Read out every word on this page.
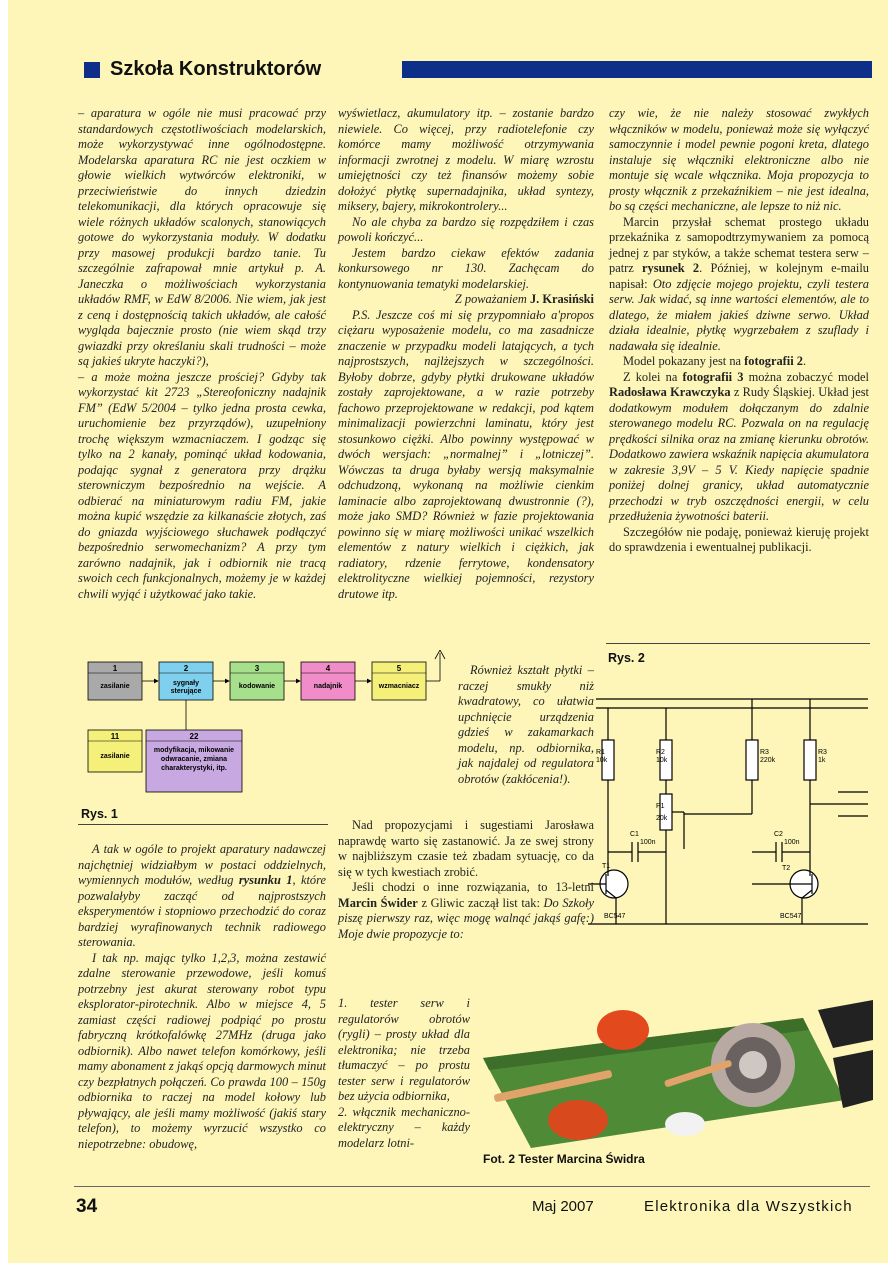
Szkoła Konstruktorów

– aparatura w ogóle nie musi pracować przy standardowych częstotliwościach modelarskich, może wykorzystywać inne ogólnodostępne. Modelarska aparatura RC nie jest oczkiem w głowie wielkich wytwórców elektroniki, w przeciwieństwie do innych dziedzin telekomunikacji, dla których opracowuje się wiele różnych układów scalonych, stanowiących gotowe do wykorzystania moduły. W dodatku przy masowej produkcji bardzo tanie. Tu szczególnie zafrapował mnie artykuł p. A. Janeczka o możliwościach wykorzystania układów RMF, w EdW 8/2006. Nie wiem, jak jest z ceną i dostępnością takich układów, ale całość wygląda bajecznie prosto (nie wiem skąd trzy gwiazdki przy określaniu skali trudności – może są jakieś ukryte haczyki?),

– a może można jeszcze prościej? Gdyby tak wykorzystać kit 2723 „Stereofoniczny nadajnik FM” (EdW 5/2004 – tylko jedna prosta cewka, uruchomienie bez przyrządów), uzupełniony trochę większym wzmacniaczem. I godząc się tylko na 2 kanały, pominąć układ kodowania, podając sygnał z generatora przy drążku sterowniczym bezpośrednio na wejście. A odbierać na miniaturowym radiu FM, jakie można kupić wszędzie za kilkanaście złotych, zaś do gniazda wyjściowego słuchawek podłączyć bezpośrednio serwomechanizm? A przy tym zarówno nadajnik, jak i odbiornik nie tracą swoich cech funkcjonalnych, możemy je w każdej chwili wyjąć i użytkować jako takie.

1
zasilanie
2
sygnały
sterujące
3
kodowanie
4
nadajnik
5
wzmacniacz
11
zasilanie
22
modyfikacja, mikowanie
odwracanie, zmiana
charakterystyki, itp.
Rys. 1

A tak w ogóle to projekt aparatury nadawczej najchętniej widziałbym w postaci oddzielnych, wymiennych modułów, według rysunku 1, które pozwalałyby zacząć od najprostszych eksperymentów i stopniowo przechodzić do coraz bardziej wyrafinowanych technik radiowego sterowania.

I tak np. mając tylko 1,2,3, można zestawić zdalne sterowanie przewodowe, jeśli komuś potrzebny jest akurat sterowany robot typu eksplorator-pirotechnik. Albo w miejsce 4, 5 zamiast części radiowej podpiąć po prostu fabryczną krótkofalówkę 27MHz (druga jako odbiornik). Albo nawet telefon komórkowy, jeśli mamy abonament z jakąś opcją darmowych minut czy bezpłatnych połączeń. Co prawda 100 – 150g odbiornika to raczej na model kołowy lub pływający, ale jeśli mamy możliwość (jakiś stary telefon), to możemy wyrzucić wszystko co niepotrzebne: obudowę,

wyświetlacz, akumulatory itp. – zostanie bardzo niewiele. Co więcej, przy radiotelefonie czy komórce mamy możliwość otrzymywania informacji zwrotnej z modelu. W miarę wzrostu umiejętności czy też finansów możemy sobie dołożyć płytkę supernadajnika, układ syntezy, miksery, bajery, mikrokontrolery...

No ale chyba za bardzo się rozpędziłem i czas powoli kończyć...

Jestem bardzo ciekaw efektów zadania konkursowego nr 130. Zachęcam do kontynuowania tematyki modelarskiej.

Z poważaniem J. Krasiński

P.S. Jeszcze coś mi się przypomniało a'propos ciężaru wyposażenie modelu, co ma zasadnicze znaczenie w przypadku modeli latających, a tych najprostszych, najlżejszych w szczególności. Byłoby dobrze, gdyby płytki drukowane układów zostały zaprojektowane, a w razie potrzeby fachowo przeprojektowane w redakcji, pod kątem minimalizacji powierzchni laminatu, który jest stosunkowo ciężki. Albo powinny występować w dwóch wersjach: „normalnej” i „lotniczej”. Wówczas ta druga byłaby wersją maksymalnie odchudzoną, wykonaną na możliwie cienkim laminacie albo zaprojektowaną dwustronnie (?), może jako SMD? Również w fazie projektowania powinno się w miarę możliwości unikać wszelkich elementów z natury wielkich i ciężkich, jak radiatory, rdzenie ferrytowe, kondensatory elektrolityczne wielkiej pojemności, rezystory drutowe itp.

Również kształt płytki – raczej smukły niż kwadratowy, co ułatwia upchnięcie urządzenia gdzieś w zakamarkach modelu, np. odbiornika, jak najdalej od regulatora obrotów (zakłócenia!).

Nad propozycjami i sugestiami Jarosława naprawdę warto się zastanowić. Ja ze swej strony w najbliższym czasie też zbadam sytuację, co da się w tych kwestiach zrobić.

Jeśli chodzi o inne rozwiązania, to 13-letni Marcin Świder z Gliwic zaczął list tak: Do Szkoły piszę pierwszy raz, więc mogę walnąć jakąś gafę:) Moje dwie propozycje to:

1. tester serw i regulatorów obrotów (rygli) – prosty układ dla elektronika; nie trzeba tłumaczyć – po prostu tester serw i regulatorów bez użycia odbiornika,

2. włącznik mechaniczno-elektryczny – każdy modelarz lotni-

czy wie, że nie należy stosować zwykłych włączników w modelu, ponieważ może się wyłączyć samoczynnie i model pewnie pogoni kreta, dlatego instaluje się włączniki elektroniczne albo nie montuje się wcale włącznika. Moja propozycja to prosty włącznik z przekaźnikiem – nie jest idealna, bo są części mechaniczne, ale lepsze to niż nic.

Marcin przysłał schemat prostego układu przekaźnika z samopodtrzymywaniem za pomocą jednej z par styków, a także schemat testera serw – patrz rysunek 2. Później, w kolejnym e-mailu napisał: Oto zdjęcie mojego projektu, czyli testera serw. Jak widać, są inne wartości elementów, ale to dlatego, że miałem jakieś dziwne serwo. Układ działa idealnie, płytkę wygrzebałem z szuflady i nadawała się idealnie.

Model pokazany jest na fotografii 2.

Z kolei na fotografii 3 można zobaczyć model Radosława Krawczyka z Rudy Śląskiej. Układ jest dodatkowym modułem dołączanym do zdalnie sterowanego modelu RC. Pozwala on na regulację prędkości silnika oraz na zmianę kierunku obrotów. Dodatkowo zawiera wskaźnik napięcia akumulatora w zakresie 3,9V – 5 V. Kiedy napięcie spadnie poniżej dolnej granicy, układ automatycznie przechodzi w tryb oszczędności energii, w celu przedłużenia żywotności baterii.

Szczegółów nie podaję, ponieważ kieruję projekt do sprawdzenia i ewentualnej publikacji.

Rys. 2
R1
10k
R2
10k
P1
20k
R3
220k
R3
1k
C1
100n
C2
100n
T1	T2
BC547	BC547
Fot. 2 Tester Marcina Świdra
34	Maj 2007	Elektronika dla Wszystkich
